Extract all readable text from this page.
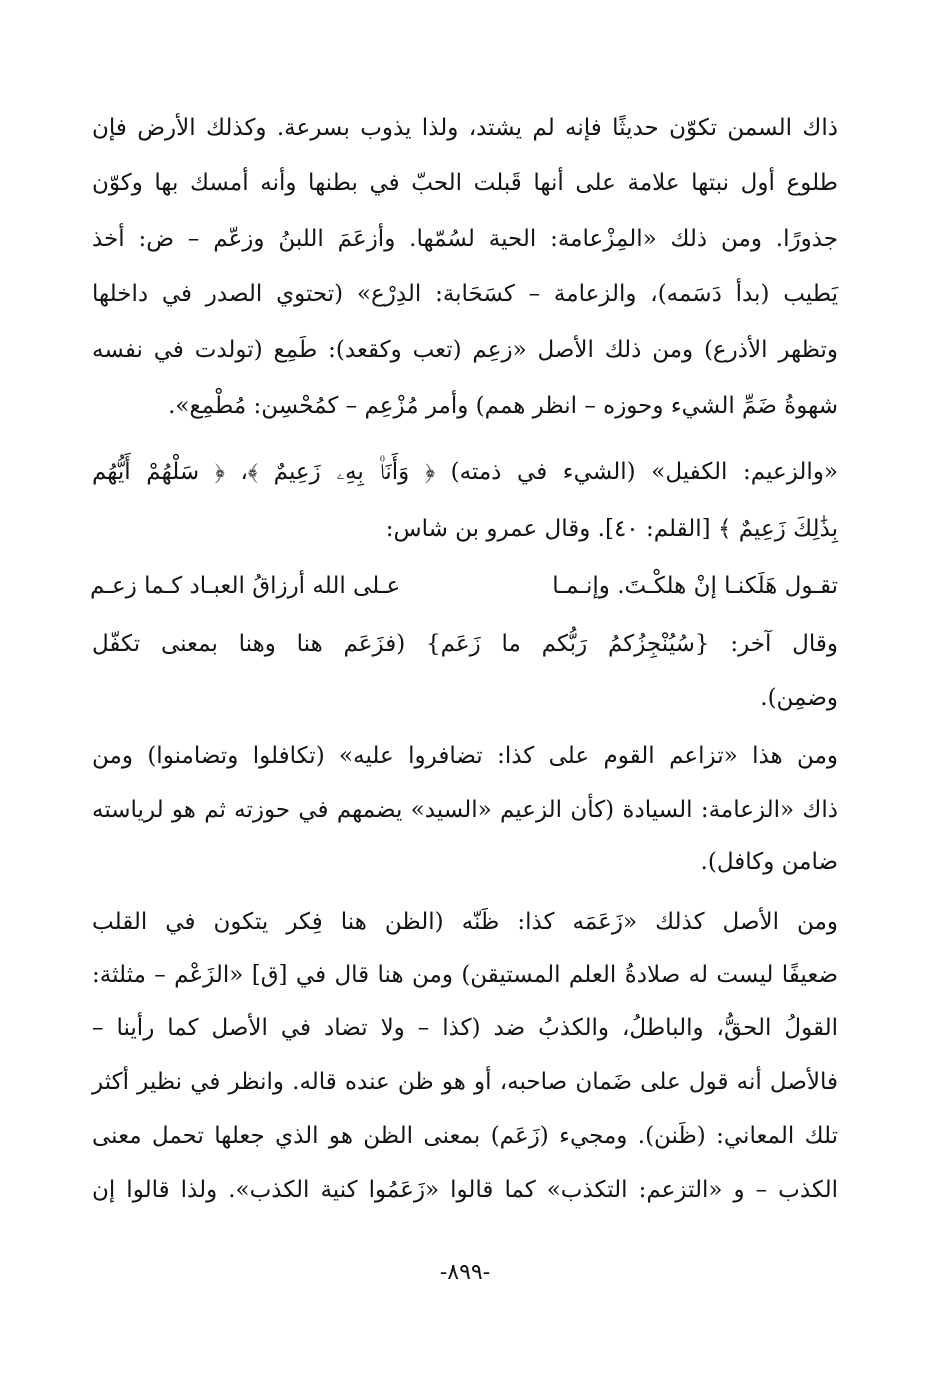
ذاك السمن تكوّن حديثًا فإنه لم يشتد، ولذا يذوب بسرعة. وكذلك الأرض فإن
طلوع أول نبتها علامة على أنها قَبلت الحبّ في بطنها وأنه أمسك بها وكوّن
جذورًا. ومن ذلك «المِزْعامة: الحية لسُمّها. وأزعَمَ اللبنُ وزعّم – ض: أخذ
يَطيب (بدأ دَسَمه)، والزعامة – كسَحَابة: الدِرْع» (تحتوي الصدر في داخلها
وتظهر الأذرع) ومن ذلك الأصل «زعِم (تعب وكقعد): طَمِع (تولدت في نفسه
شهوةُ ضَمِّ الشيء وحوزه – انظر همم) وأمر مُزْعِم – كمُحْسِن: مُطْمِع».
«والزعيم: الكفيل» (الشيء في ذمته) ﴿ وَأَنَا۠ بِهِۦ زَعِيمٌ ﴾، ﴿ سَلْهُمْ أَيُّهُم
بِذَٰلِكَ زَعِيمٌ ﴾ [القلم: ٤٠]. وقال عمرو بن شاس:
تقـول هَلَكنـا إنْ هلكْـتَ. وإنـمـا
عـلى الله أرزاقُ العبـاد كـما زعـم
وقال آخر: {سُيُنْجِزُكمُ رَبُّكم ما زَعَم} (فزَعَم هنا وهنا بمعنى تكفّل
وضمِن).
ومن هذا «تزاعم القوم على كذا: تضافروا عليه» (تكافلوا وتضامنوا) ومن
ذاك «الزعامة: السيادة (كأن الزعيم «السيد» يضمهم في حوزته ثم هو لرياسته
ضامن وكافل).
ومن الأصل كذلك «زَعَمَه كذا: ظَنّه (الظن هنا فِكر يتكون في القلب
ضعيفًا ليست له صلادةُ العلم المستيقن) ومن هنا قال في [ق] «الزَعْم – مثلثة:
القولُ الحقُّ، والباطلُ، والكذبُ ضد (كذا – ولا تضاد في الأصل كما رأينا –
فالأصل أنه قول على ضَمان صاحبه، أو هو ظن عنده قاله. وانظر في نظير أكثر
تلك المعاني: (ظَنن). ومجيء (زَعَم) بمعنى الظن هو الذي جعلها تحمل معنى
الكذب – و «التزعم: التكذب» كما قالوا «زَعَمُوا كنية الكذب». ولذا قالوا إن
-٨٩٩-
